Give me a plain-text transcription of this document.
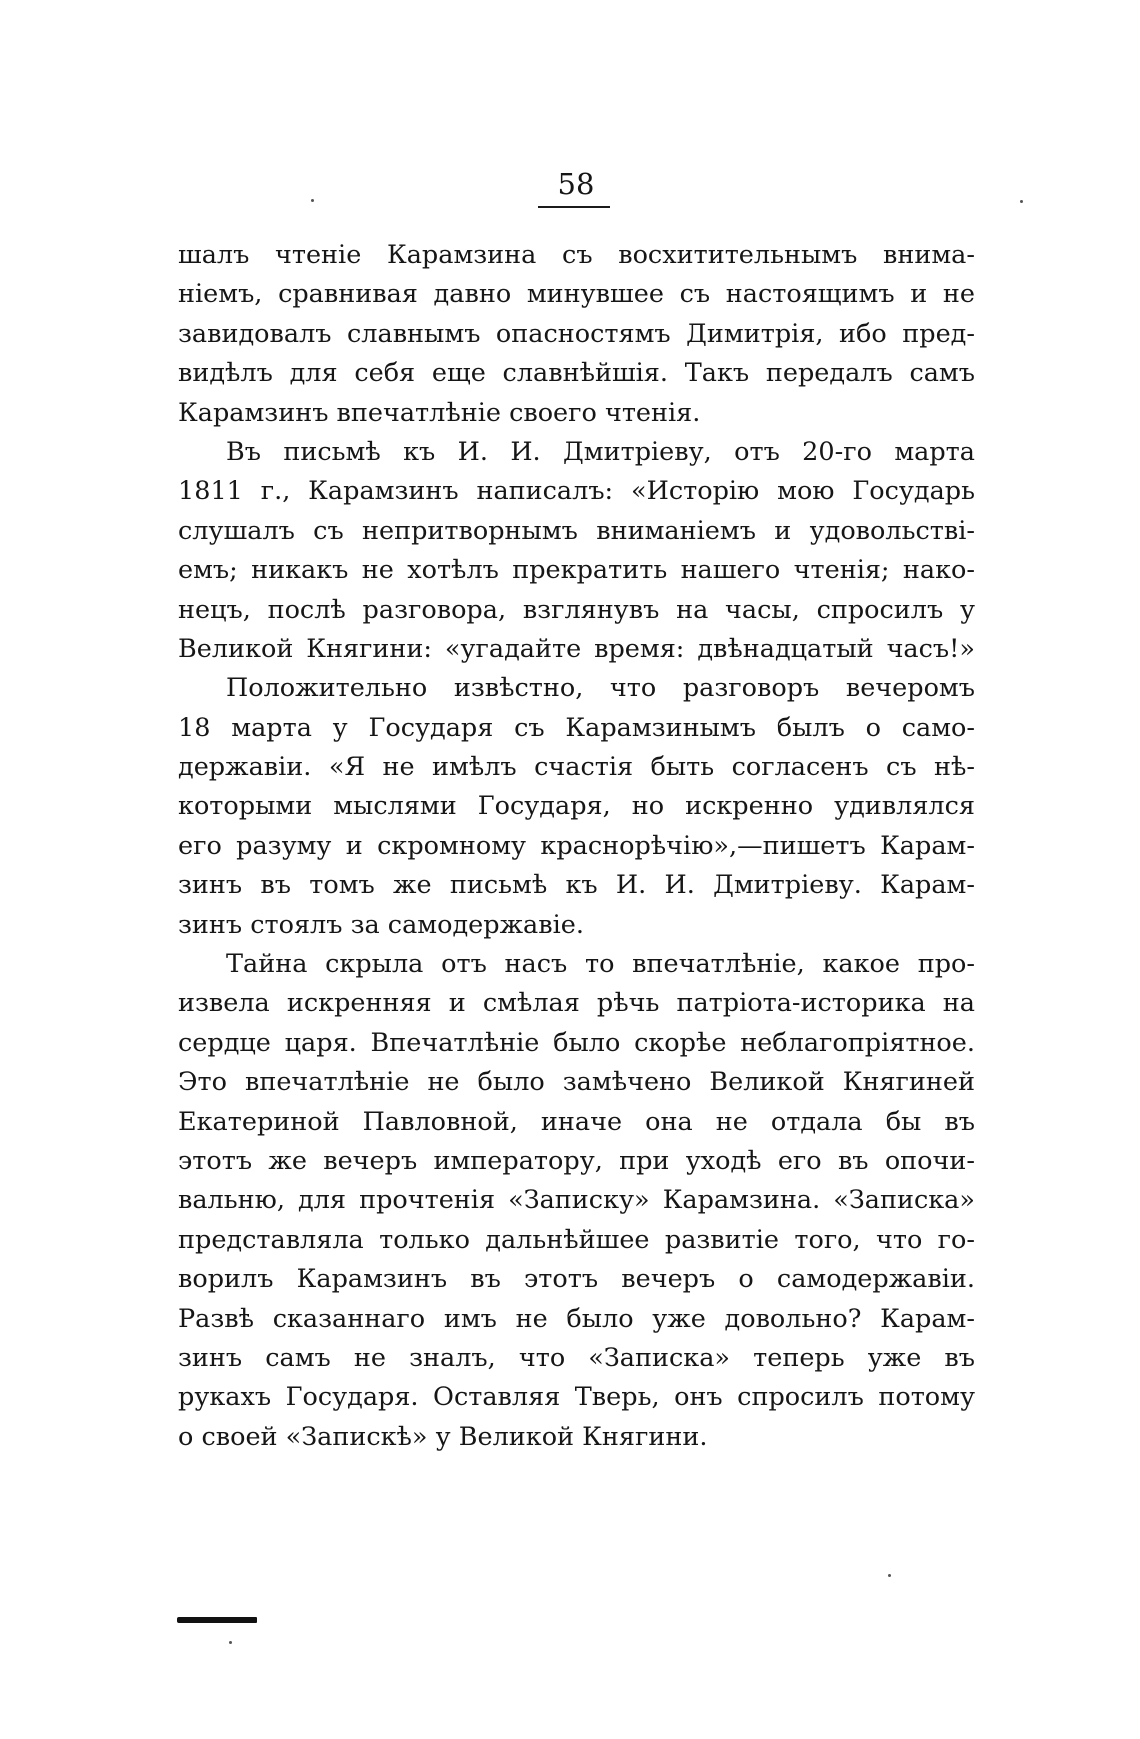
58
шалъ чтеніе Карамзина съ восхитительнымъ внима-
ніемъ, сравнивая давно минувшее съ настоящимъ и не
завидовалъ славнымъ опасностямъ Димитрія, ибо пред-
видѣлъ для себя еще славнѣйшія. Такъ передалъ самъ
Карамзинъ впечатлѣніе своего чтенія.
Въ письмѣ къ И. И. Дмитріеву, отъ 20-го марта
1811 г., Карамзинъ написалъ: «Исторію мою Государь
слушалъ съ непритворнымъ вниманіемъ и удовольстві-
емъ; никакъ не хотѣлъ прекратить нашего чтенія; нако-
нецъ, послѣ разговора, взглянувъ на часы, спросилъ у
Великой Княгини: «угадайте время: двѣнадцатый часъ!»
Положительно извѣстно, что разговоръ вечеромъ
18 марта у Государя съ Карамзинымъ былъ о само-
державіи. «Я не имѣлъ счастія быть согласенъ съ нѣ-
которыми мыслями Государя, но искренно удивлялся
его разуму и скромному краснорѣчію»,—пишетъ Карам-
зинъ въ томъ же письмѣ къ И. И. Дмитріеву. Карам-
зинъ стоялъ за самодержавіе.
Тайна скрыла отъ насъ то впечатлѣніе, какое про-
извела искренняя и смѣлая рѣчь патріота-историка на
сердце царя. Впечатлѣніе было скорѣе неблагопріятное.
Это впечатлѣніе не было замѣчено Великой Княгиней
Екатериной Павловной, иначе она не отдала бы въ
этотъ же вечеръ императору, при уходѣ его въ опочи-
вальню, для прочтенія «Записку» Карамзина. «Записка»
представляла только дальнѣйшее развитіе того, что го-
ворилъ Карамзинъ въ этотъ вечеръ о самодержавіи.
Развѣ сказаннаго имъ не было уже довольно? Карам-
зинъ самъ не зналъ, что «Записка» теперь уже въ
рукахъ Государя. Оставляя Тверь, онъ спросилъ потому
о своей «Запискѣ» у Великой Княгини.
